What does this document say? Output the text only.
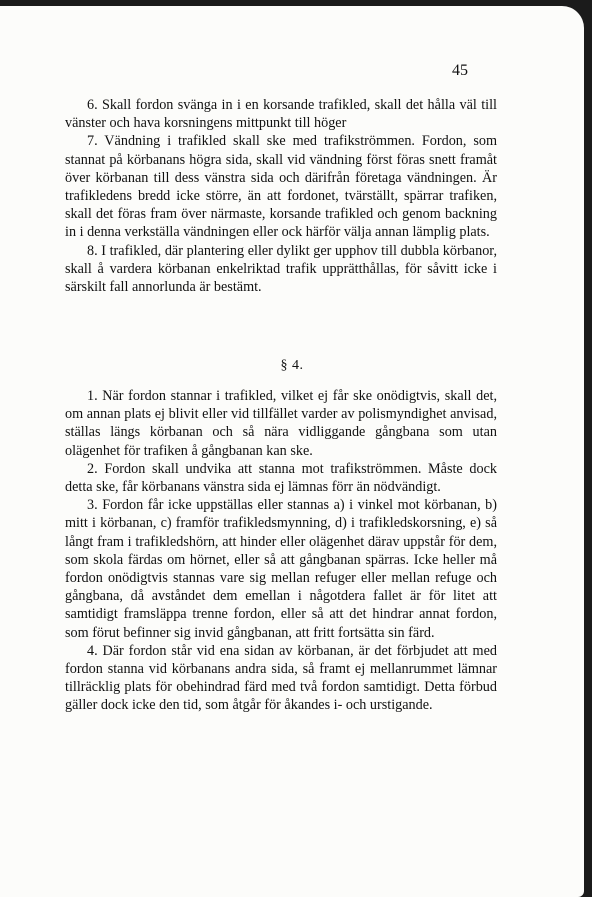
45

6. Skall fordon svänga in i en korsande trafikled, skall det hålla väl till vänster och hava korsningens mittpunkt till höger

7. Vändning i trafikled skall ske med trafikströmmen. Fordon, som stannat på körbanans högra sida, skall vid vändning först föras snett framåt över körbanan till dess vänstra sida och därifrån företaga vändningen. Är trafikledens bredd icke större, än att fordonet, tvärställt, spärrar trafiken, skall det föras fram över närmaste, korsande trafikled och genom backning in i denna verkställa vändningen eller ock härför välja annan lämplig plats.

8. I trafikled, där plantering eller dylikt ger upphov till dubbla körbanor, skall å vardera körbanan enkelriktad trafik upprätthållas, för såvitt icke i särskilt fall annorlunda är bestämt.

§ 4.

1. När fordon stannar i trafikled, vilket ej får ske onödigtvis, skall det, om annan plats ej blivit eller vid tillfället varder av polismyndighet anvisad, ställas längs körbanan och så nära vidliggande gångbana som utan olägenhet för trafiken å gångbanan kan ske.

2. Fordon skall undvika att stanna mot trafikströmmen. Måste dock detta ske, får körbanans vänstra sida ej lämnas förr än nödvändigt.

3. Fordon får icke uppställas eller stannas a) i vinkel mot körbanan, b) mitt i körbanan, c) framför trafikledsmynning, d) i trafikledskorsning, e) så långt fram i trafikledshörn, att hinder eller olägenhet därav uppstår för dem, som skola färdas om hörnet, eller så att gångbanan spärras. Icke heller må fordon onödigtvis stannas vare sig mellan refuger eller mellan refuge och gångbana, då avståndet dem emellan i någotdera fallet är för litet att samtidigt framsläppa trenne fordon, eller så att det hindrar annat fordon, som förut befinner sig invid gångbanan, att fritt fortsätta sin färd.

4. Där fordon står vid ena sidan av körbanan, är det förbjudet att med fordon stanna vid körbanans andra sida, så framt ej mellanrummet lämnar tillräcklig plats för obehindrad färd med två fordon samtidigt. Detta förbud gäller dock icke den tid, som åtgår för åkandes i- och urstigande.
